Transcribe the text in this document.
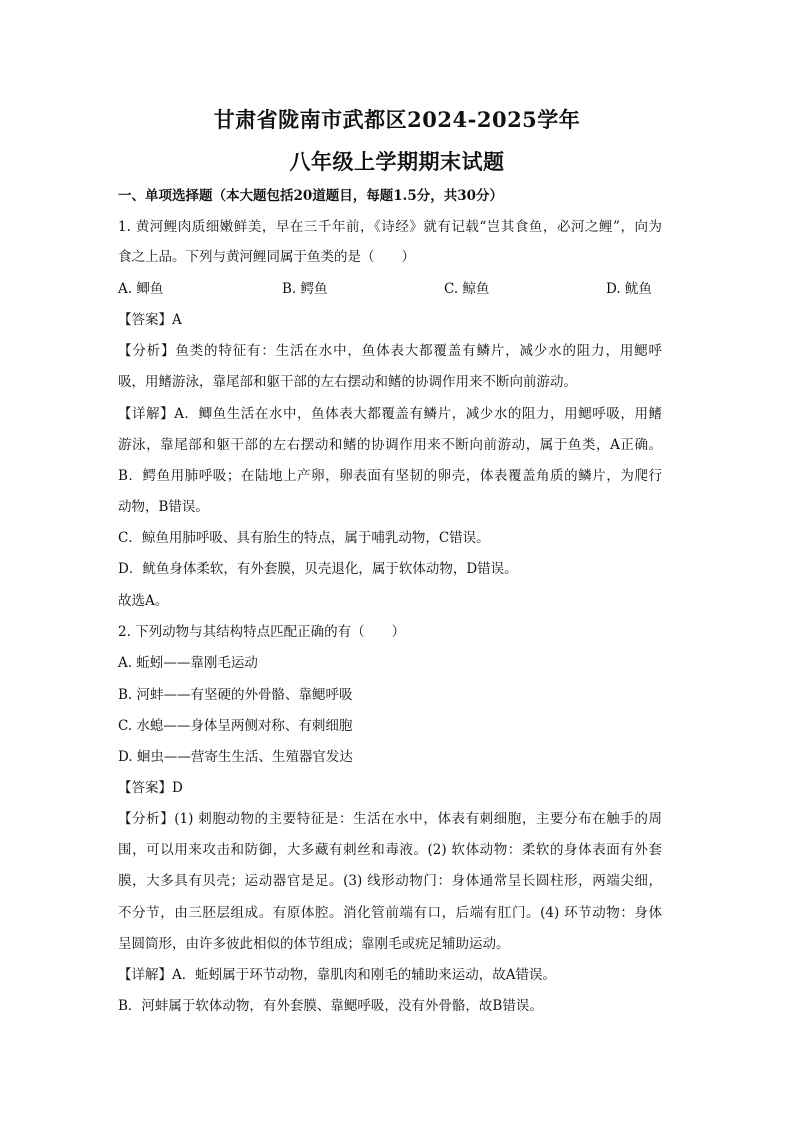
甘肃省陇南市武都区2024-2025学年
八年级上学期期末试题
一、单项选择题（本大题包括20道题目，每题1.5分，共30分）
1. 黄河鲤肉质细嫩鲜美，早在三千年前，《诗经》就有记载“岂其食鱼，必河之鲤”，向为
食之上品。下列与黄河鲤同属于鱼类的是（　　）
A. 鲫鱼	B. 鳄鱼	C. 鲸鱼	D. 鱿鱼
【答案】A
【分析】鱼类的特征有：生活在水中，鱼体表大都覆盖有鳞片，减少水的阻力，用鳃呼
吸，用鳍游泳，靠尾部和躯干部的左右摆动和鳍的协调作用来不断向前游动。
【详解】A．鲫鱼生活在水中，鱼体表大都覆盖有鳞片，减少水的阻力，用鳃呼吸，用鳍
游泳，靠尾部和躯干部的左右摆动和鳍的协调作用来不断向前游动，属于鱼类，A正确。
B．鳄鱼用肺呼吸；在陆地上产卵，卵表面有坚韧的卵壳，体表覆盖角质的鳞片，为爬行
动物，B错误。
C．鲸鱼用肺呼吸、具有胎生的特点，属于哺乳动物，C错误。
D．鱿鱼身体柔软，有外套膜，贝壳退化，属于软体动物，D错误。
故选A。
2. 下列动物与其结构特点匹配正确的有（　　）
A. 蚯蚓——靠刚毛运动
B. 河蚌——有坚硬的外骨骼、靠鳃呼吸
C. 水螅——身体呈两侧对称、有刺细胞
D. 蛔虫——营寄生生活、生殖器官发达
【答案】D
【分析】(1) 刺胞动物的主要特征是：生活在水中，体表有刺细胞，主要分布在触手的周
围，可以用来攻击和防御，大多藏有刺丝和毒液。(2) 软体动物：柔软的身体表面有外套
膜，大多具有贝壳；运动器官是足。(3) 线形动物门：身体通常呈长圆柱形，两端尖细，
不分节，由三胚层组成。有原体腔。消化管前端有口，后端有肛门。(4) 环节动物：身体
呈圆筒形，由许多彼此相似的体节组成；靠刚毛或疣足辅助运动。
【详解】A．蚯蚓属于环节动物，靠肌肉和刚毛的辅助来运动，故A错误。
B．河蚌属于软体动物，有外套膜、靠鳃呼吸，没有外骨骼，故B错误。
